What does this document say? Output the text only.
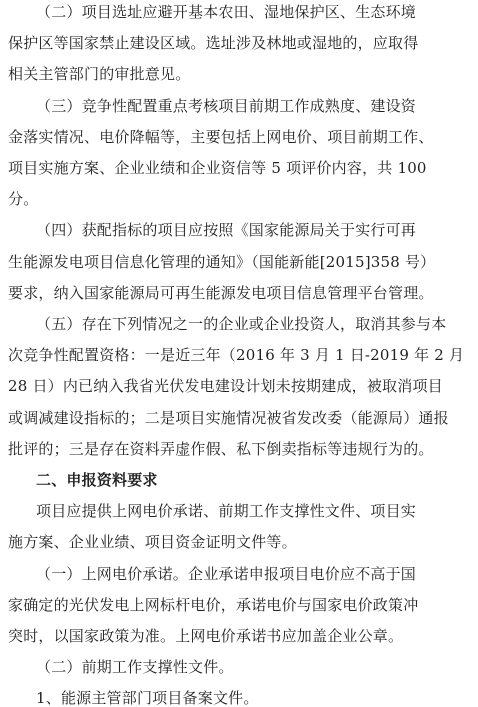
（二）项目选址应避开基本农田、湿地保护区、生态环境
保护区等国家禁止建设区域。选址涉及林地或湿地的，应取得
相关主管部门的审批意见。
（三）竞争性配置重点考核项目前期工作成熟度、建设资
金落实情况、电价降幅等，主要包括上网电价、项目前期工作、
项目实施方案、企业业绩和企业资信等 5 项评价内容，共 100
分。
（四）获配指标的项目应按照《国家能源局关于实行可再
生能源发电项目信息化管理的通知》（国能新能[2015]358 号）
要求，纳入国家能源局可再生能源发电项目信息管理平台管理。
（五）存在下列情况之一的企业或企业投资人，取消其参与本
次竞争性配置资格：一是近三年（2016 年 3 月 1 日-2019 年 2 月
28 日）内已纳入我省光伏发电建设计划未按期建成，被取消项目
或调减建设指标的；二是项目实施情况被省发改委（能源局）通报
批评的；三是存在资料弄虚作假、私下倒卖指标等违规行为的。
二、申报资料要求
项目应提供上网电价承诺、前期工作支撑性文件、项目实
施方案、企业业绩、项目资金证明文件等。
（一）上网电价承诺。企业承诺申报项目电价应不高于国
家确定的光伏发电上网标杆电价，承诺电价与国家电价政策冲
突时，以国家政策为准。上网电价承诺书应加盖企业公章。
（二）前期工作支撑性文件。
1、能源主管部门项目备案文件。
